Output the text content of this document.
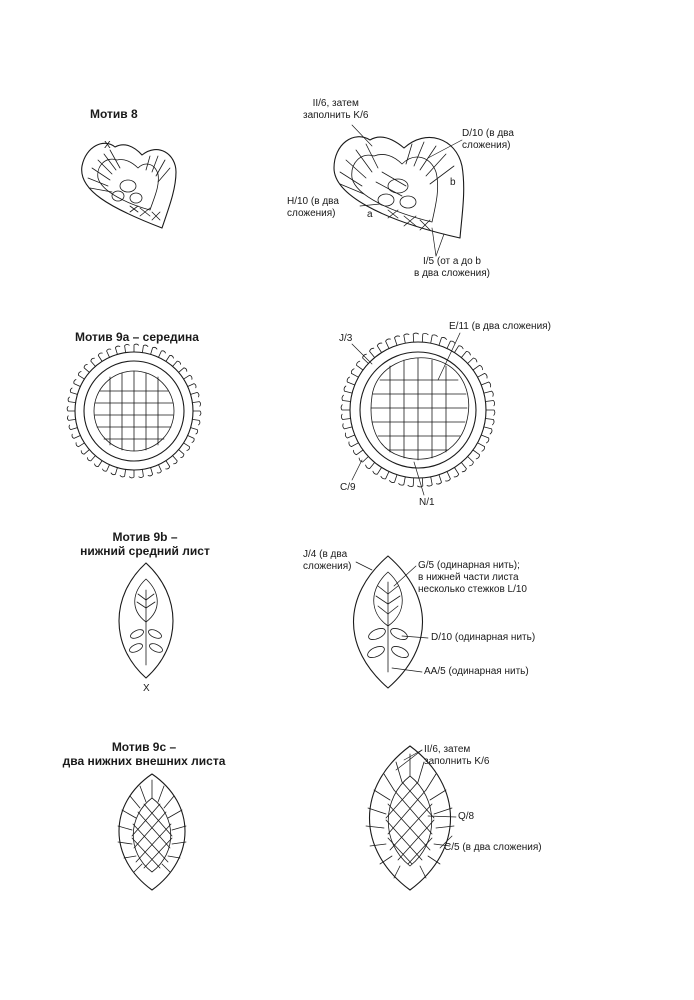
Мотив 8
Мотив 9a – середина
Мотив 9b –
нижний средний лист
Мотив 9c –
два нижних внешних листа
X
II/6, затем
заполнить K/6
D/10 (в два
сложения)
b
H/10 (в два
сложения)	a
I/5 (от a до b
в два сложения)
J/3
E/11 (в два сложения)
C/9
N/1
X
J/4 (в два
сложения)	G/5 (одинарная нить);
в нижней части листа
несколько стежков L/10
D/10 (одинарная нить)
AA/5 (одинарная нить)
II/6, затем
заполнить K/6
Q/8
C/5 (в два сложения)
